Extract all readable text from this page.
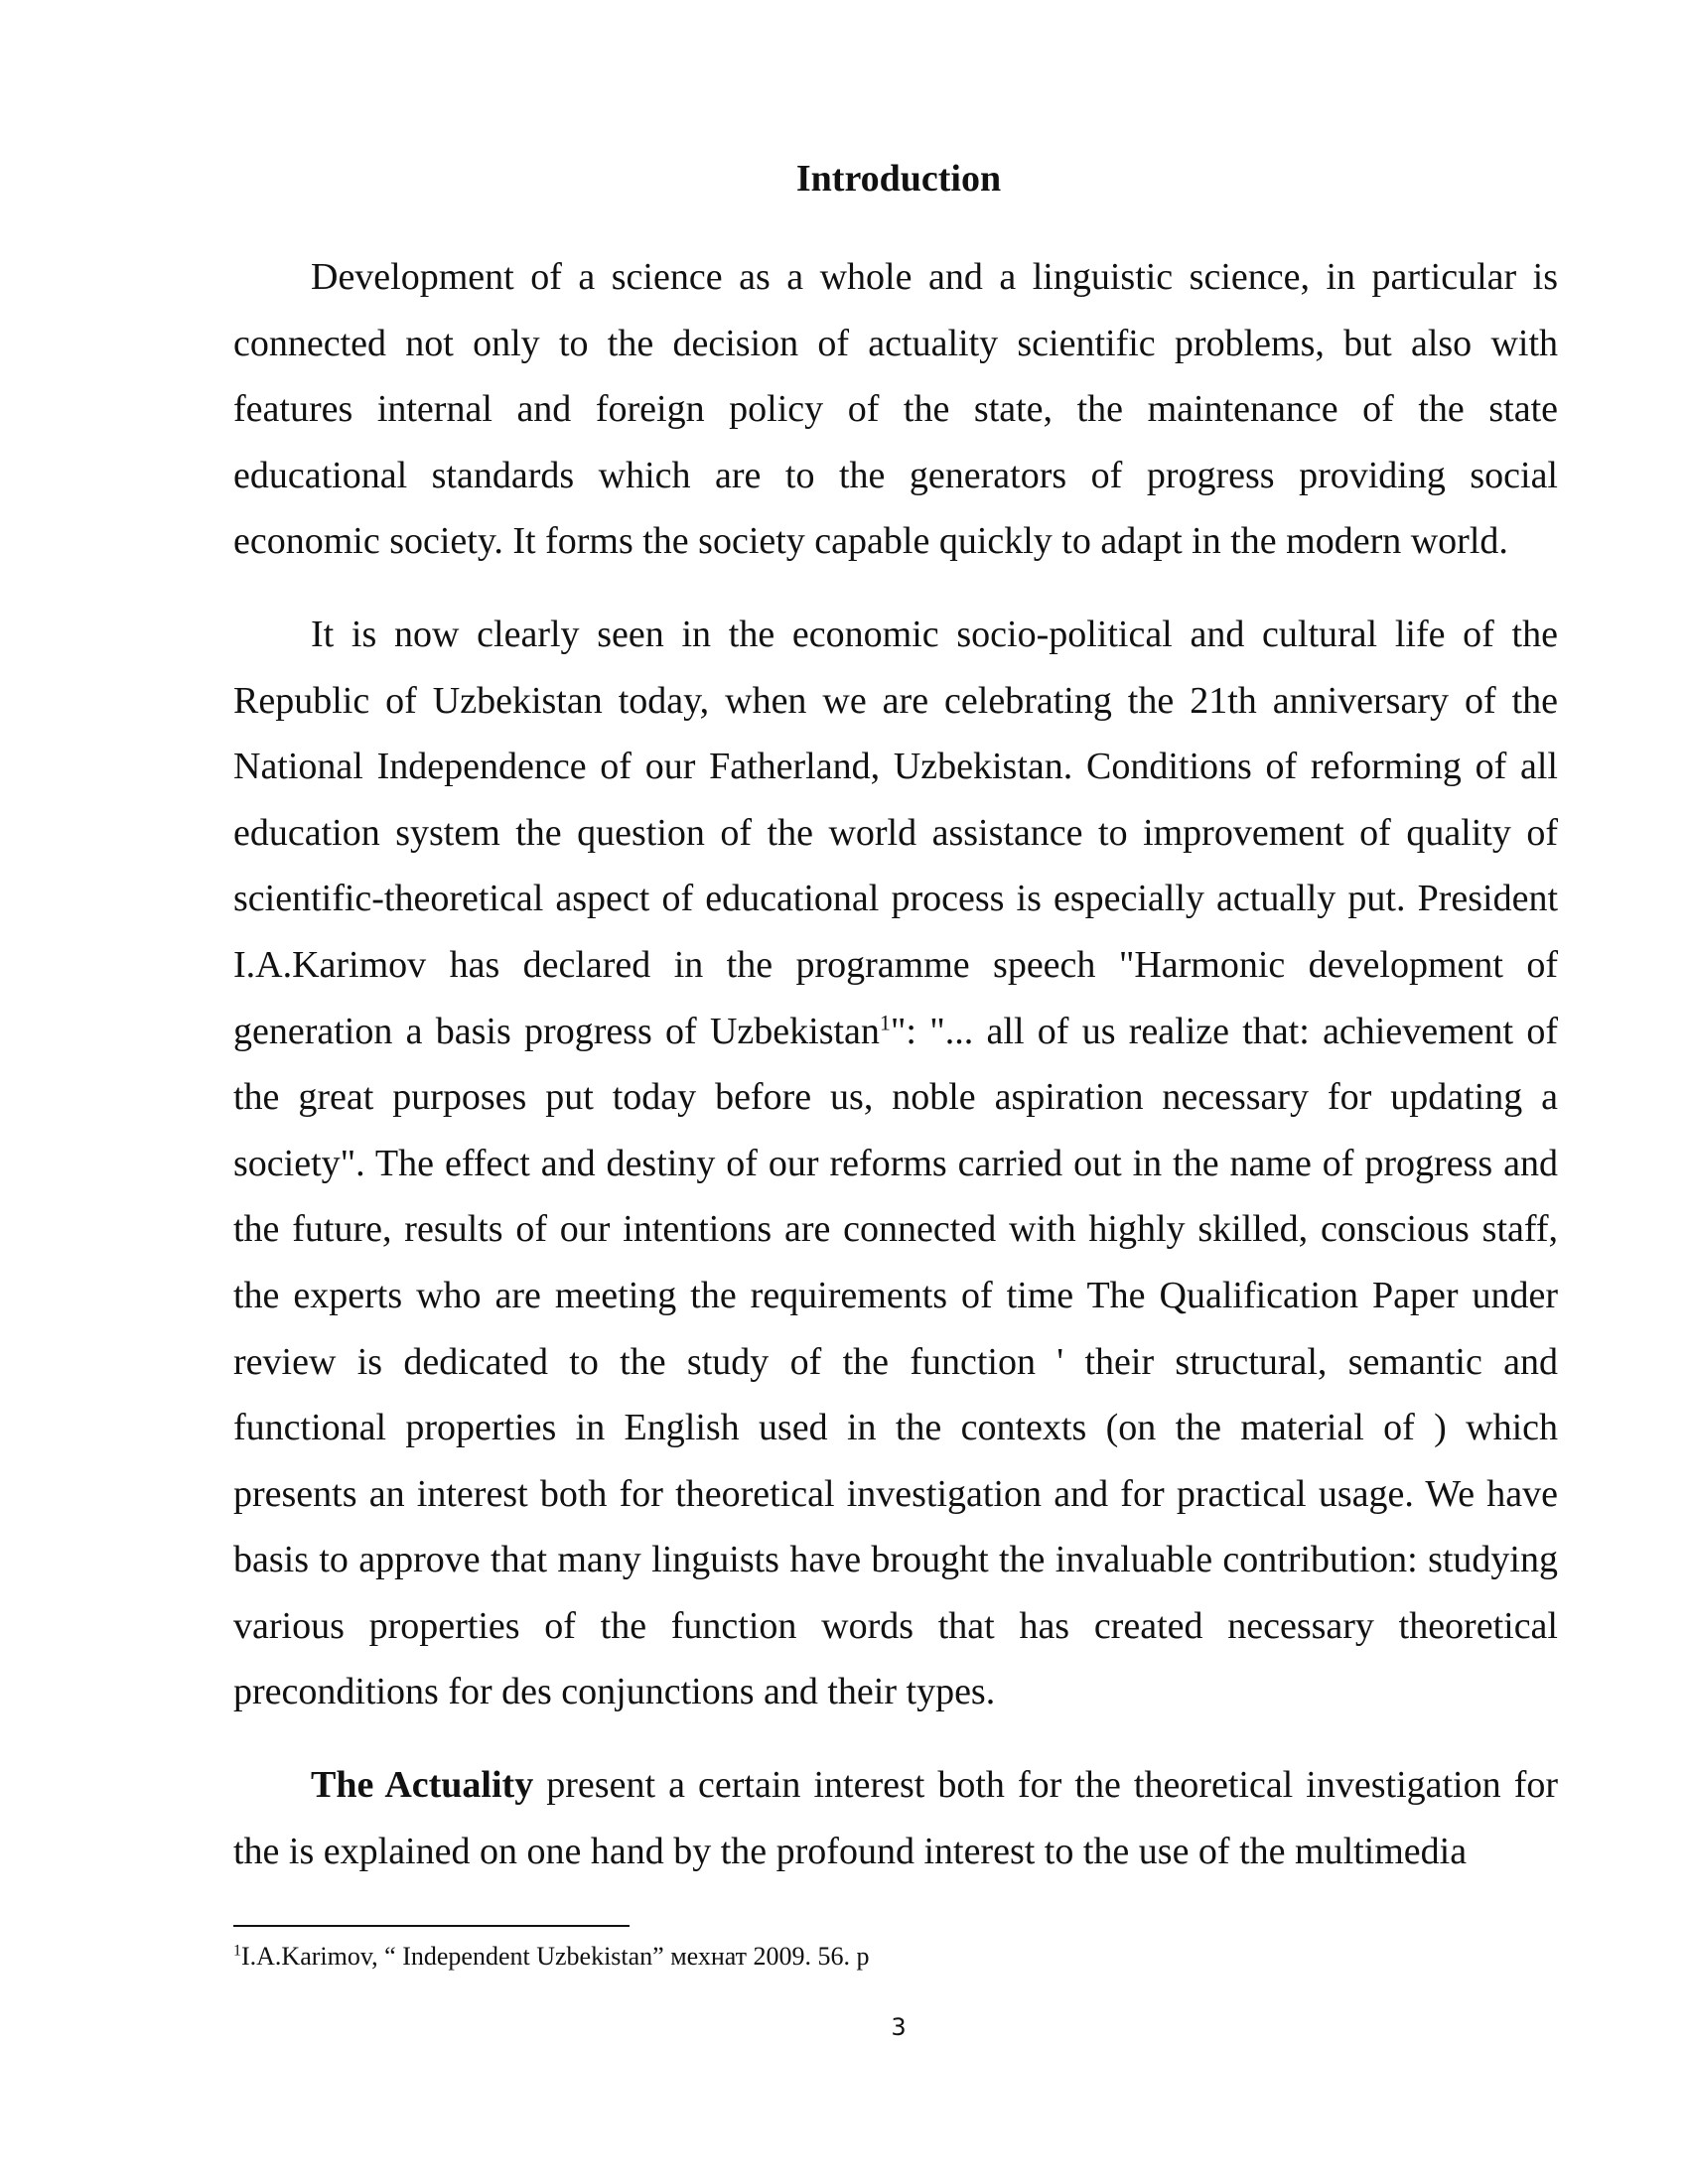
Introduction

Development of a science as a whole and a linguistic science, in particular is connected not only to the decision of actuality scientific problems, but also with features internal and foreign policy of the state, the maintenance of the state educational standards which are to the generators of progress providing social economic society. It forms the society capable quickly to adapt in the modern world.

It is now clearly seen in the economic socio-political and cultural life of the Republic of Uzbekistan today, when we are celebrating the 21th anniversary of the National Independence of our Fatherland, Uzbekistan. Conditions of reforming of all education system the question of the world assistance to improvement of quality of scientific-theoretical aspect of educational process is especially actually put. President I.A.Karimov has declared in the programme speech "Harmonic development of generation a basis progress of Uzbekistan$^1$": "... all of us realize that: achievement of the great purposes put today before us, noble aspiration necessary for updating a society". The effect and destiny of our reforms carried out in the name of progress and the future, results of our intentions are connected with highly skilled, conscious staff, the experts who are meeting the requirements of time The Qualification Paper under review is dedicated to the study of the function ' their structural, semantic and functional properties in English used in the contexts (on the material of ) which presents an interest both for theoretical investigation and for practical usage. We have basis to approve that many linguists have brought the invaluable contribution: studying various properties of the function words that has created necessary theoretical preconditions for des conjunctions and their types.

The Actuality present a certain interest both for the theoretical investigation for the is explained on one hand by the profound interest to the use of the multimedia

$^1$I.A.Karimov, “ Independent Uzbekistan” мехнат 2009. 56. p

3
